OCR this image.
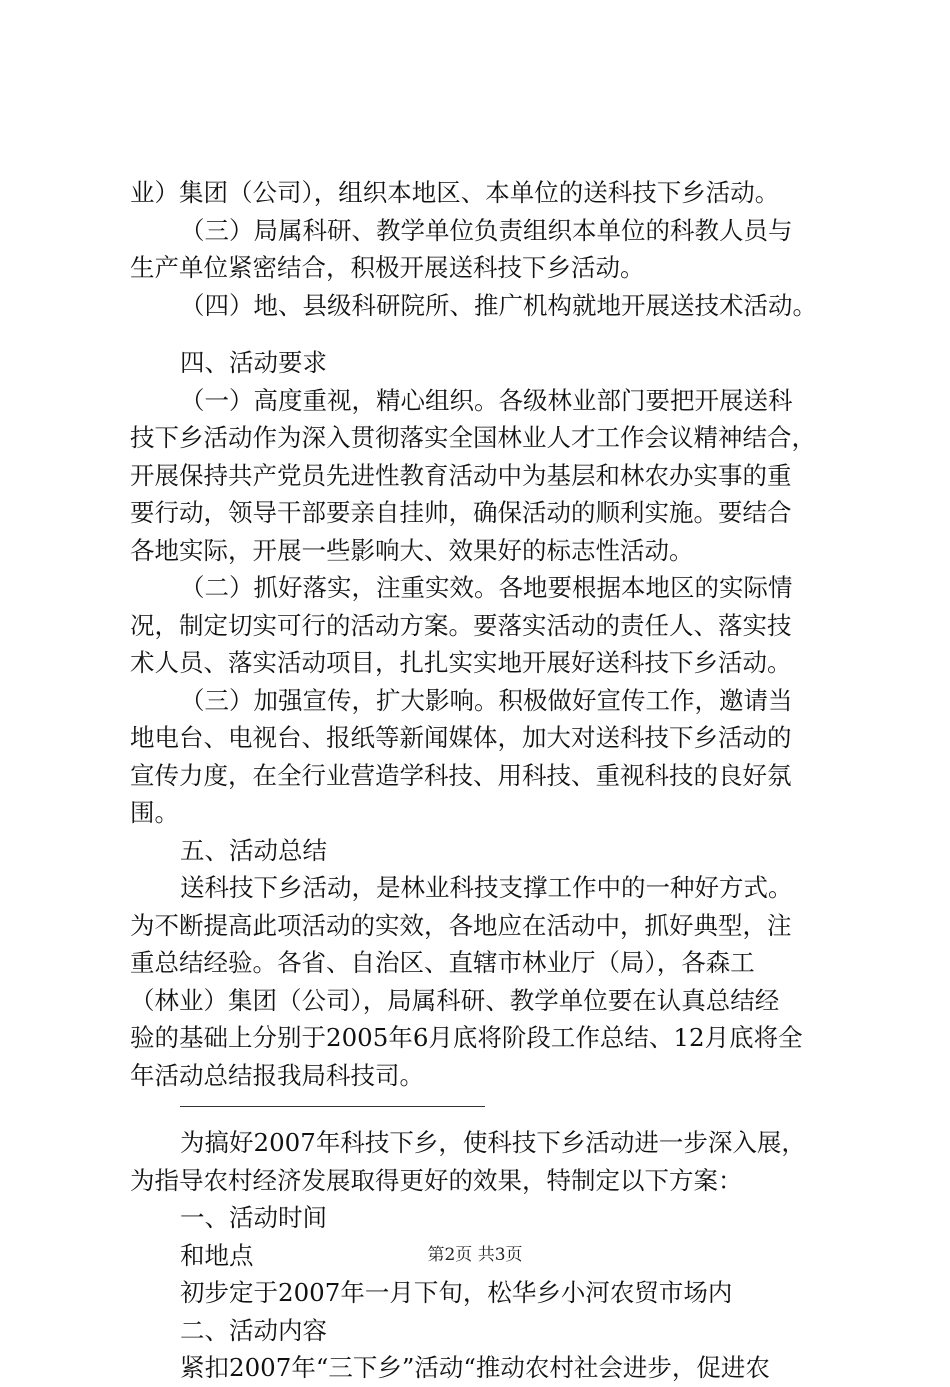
业）集团（公司），组织本地区、本单位的送科技下乡活动。
（三）局属科研、教学单位负责组织本单位的科教人员与
生产单位紧密结合，积极开展送科技下乡活动。
（四）地、县级科研院所、推广机构就地开展送技术活动。
四、活动要求
（一）高度重视，精心组织。各级林业部门要把开展送科
技下乡活动作为深入贯彻落实全国林业人才工作会议精神结合，
开展保持共产党员先进性教育活动中为基层和林农办实事的重
要行动，领导干部要亲自挂帅，确保活动的顺利实施。要结合
各地实际，开展一些影响大、效果好的标志性活动。
（二）抓好落实，注重实效。各地要根据本地区的实际情
况，制定切实可行的活动方案。要落实活动的责任人、落实技
术人员、落实活动项目，扎扎实实地开展好送科技下乡活动。
（三）加强宣传，扩大影响。积极做好宣传工作，邀请当
地电台、电视台、报纸等新闻媒体，加大对送科技下乡活动的
宣传力度，在全行业营造学科技、用科技、重视科技的良好氛
围。
五、活动总结
送科技下乡活动，是林业科技支撑工作中的一种好方式。
为不断提高此项活动的实效，各地应在活动中，抓好典型，注
重总结经验。各省、自治区、直辖市林业厅（局），各森工
（林业）集团（公司），局属科研、教学单位要在认真总结经
验的基础上分别于2005年6月底将阶段工作总结、12月底将全
年活动总结报我局科技司。
为搞好2007年科技下乡，使科技下乡活动进一步深入展，
为指导农村经济发展取得更好的效果，特制定以下方案：
一、活动时间
和地点
初步定于2007年一月下旬，松华乡小河农贸市场内
二、活动内容
紧扣2007年“三下乡”活动“推动农村社会进步，促进农
第2页 共3页
